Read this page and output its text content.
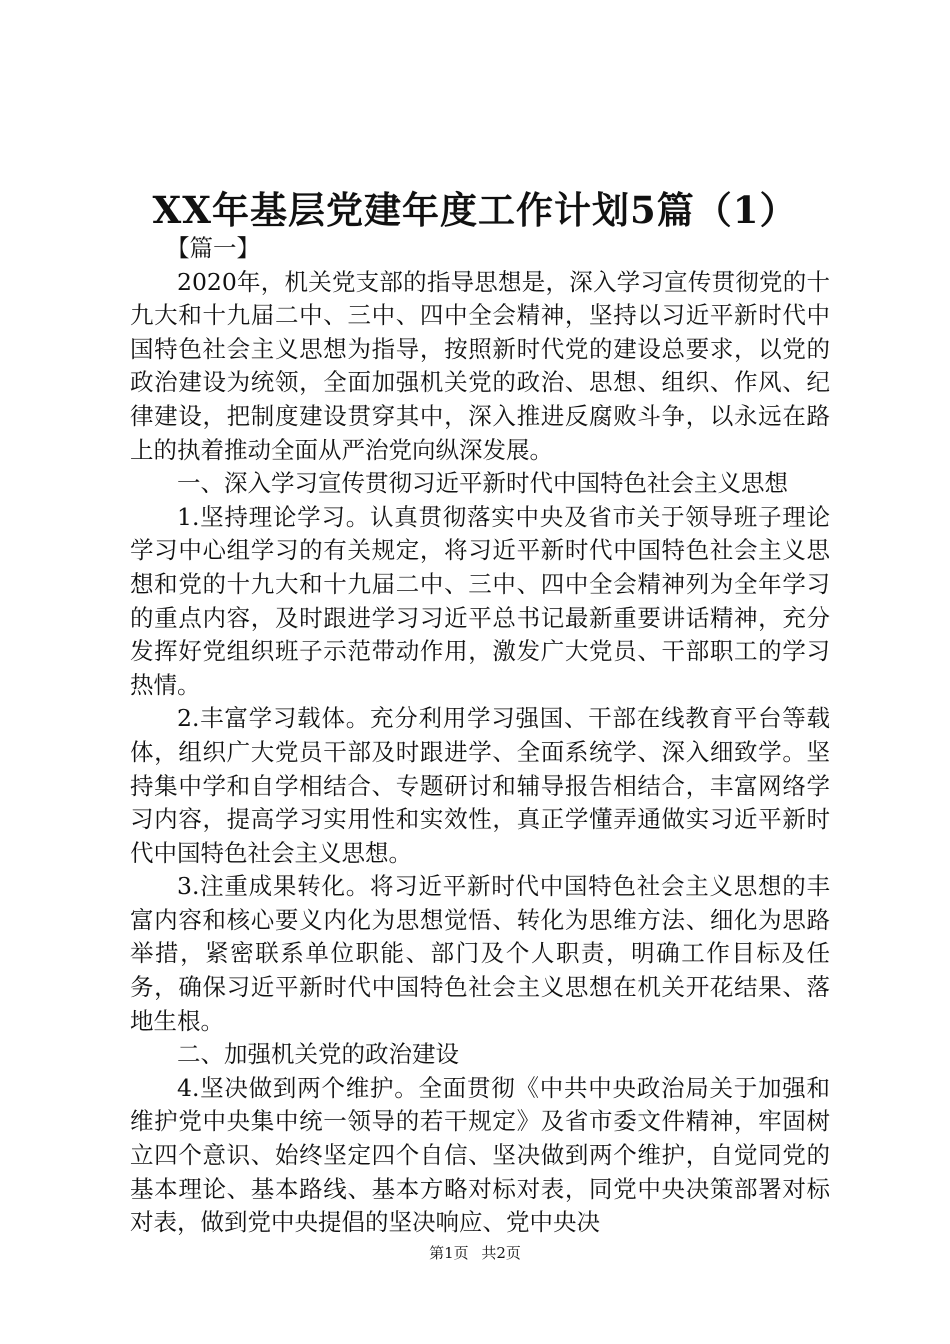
XX年基层党建年度工作计划5篇（1）

【篇一】

2020年，机关党支部的指导思想是，深入学习宣传贯彻党的十九大和十九届二中、三中、四中全会精神，坚持以习近平新时代中国特色社会主义思想为指导，按照新时代党的建设总要求，以党的政治建设为统领，全面加强机关党的政治、思想、组织、作风、纪律建设，把制度建设贯穿其中，深入推进反腐败斗争，以永远在路上的执着推动全面从严治党向纵深发展。

一、深入学习宣传贯彻习近平新时代中国特色社会主义思想

1.坚持理论学习。认真贯彻落实中央及省市关于领导班子理论学习中心组学习的有关规定，将习近平新时代中国特色社会主义思想和党的十九大和十九届二中、三中、四中全会精神列为全年学习的重点内容，及时跟进学习习近平总书记最新重要讲话精神，充分发挥好党组织班子示范带动作用，激发广大党员、干部职工的学习热情。

2.丰富学习载体。充分利用学习强国、干部在线教育平台等载体，组织广大党员干部及时跟进学、全面系统学、深入细致学。坚持集中学和自学相结合、专题研讨和辅导报告相结合，丰富网络学习内容，提高学习实用性和实效性，真正学懂弄通做实习近平新时代中国特色社会主义思想。

3.注重成果转化。将习近平新时代中国特色社会主义思想的丰富内容和核心要义内化为思想觉悟、转化为思维方法、细化为思路举措，紧密联系单位职能、部门及个人职责，明确工作目标及任务，确保习近平新时代中国特色社会主义思想在机关开花结果、落地生根。

二、加强机关党的政治建设

4.坚决做到两个维护。全面贯彻《中共中央政治局关于加强和维护党中央集中统一领导的若干规定》及省市委文件精神，牢固树立四个意识、始终坚定四个自信、坚决做到两个维护，自觉同党的基本理论、基本路线、基本方略对标对表，同党中央决策部署对标对表，做到党中央提倡的坚决响应、党中央决

第1页 共2页
